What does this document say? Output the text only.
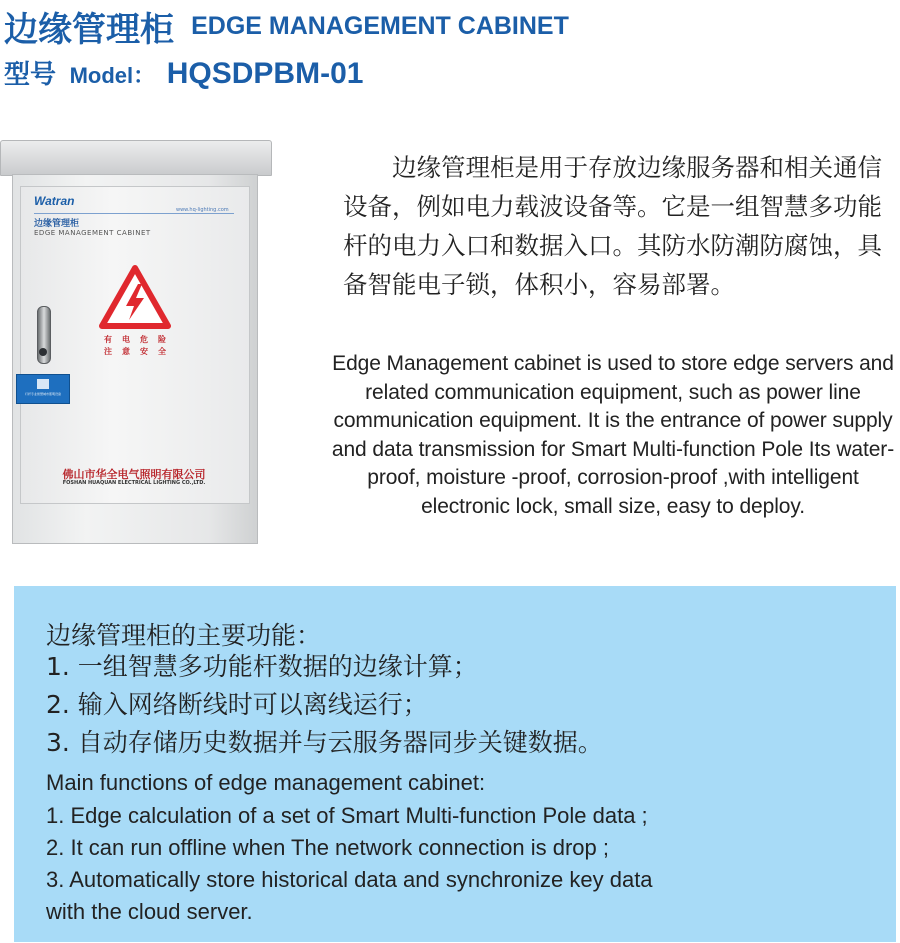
边缘管理柜 EDGE MANAGEMENT CABINET
型号 Model： HQSDPBM-01
Watran
www.hq-lighting.com
边缘管理柜
EDGE MANAGEMENT CABINET
有	电	危	险
注	意	安	全
灯杆专业智慧城市照明设备
佛山市华全电气照明有限公司
FOSHAN HUAQUAN ELECTRICAL LIGHTING CO.,LTD.
　　边缘管理柜是用于存放边缘服务器和相关通信设备，例如电力载波设备等。它是一组智慧多功能杆的电力入口和数据入口。其防水防潮防腐蚀，具备智能电子锁，体积小，容易部署。
Edge Management cabinet is used to store edge servers and related communication equipment, such as power line communication equipment. It is the entrance of power supply and data transmission for Smart Multi-function Pole Its water-proof, moisture -proof, corrosion-proof ,with intelligent electronic lock, small size, easy to deploy.
边缘管理柜的主要功能：
1. 一组智慧多功能杆数据的边缘计算；
2. 输入网络断线时可以离线运行；
3. 自动存储历史数据并与云服务器同步关键数据。
Main functions of edge management cabinet:
1. Edge calculation of a set of Smart Multi-function Pole data ;
2. It can run offline when The network connection is drop ;
3. Automatically store historical data and synchronize key data
with the cloud server.
